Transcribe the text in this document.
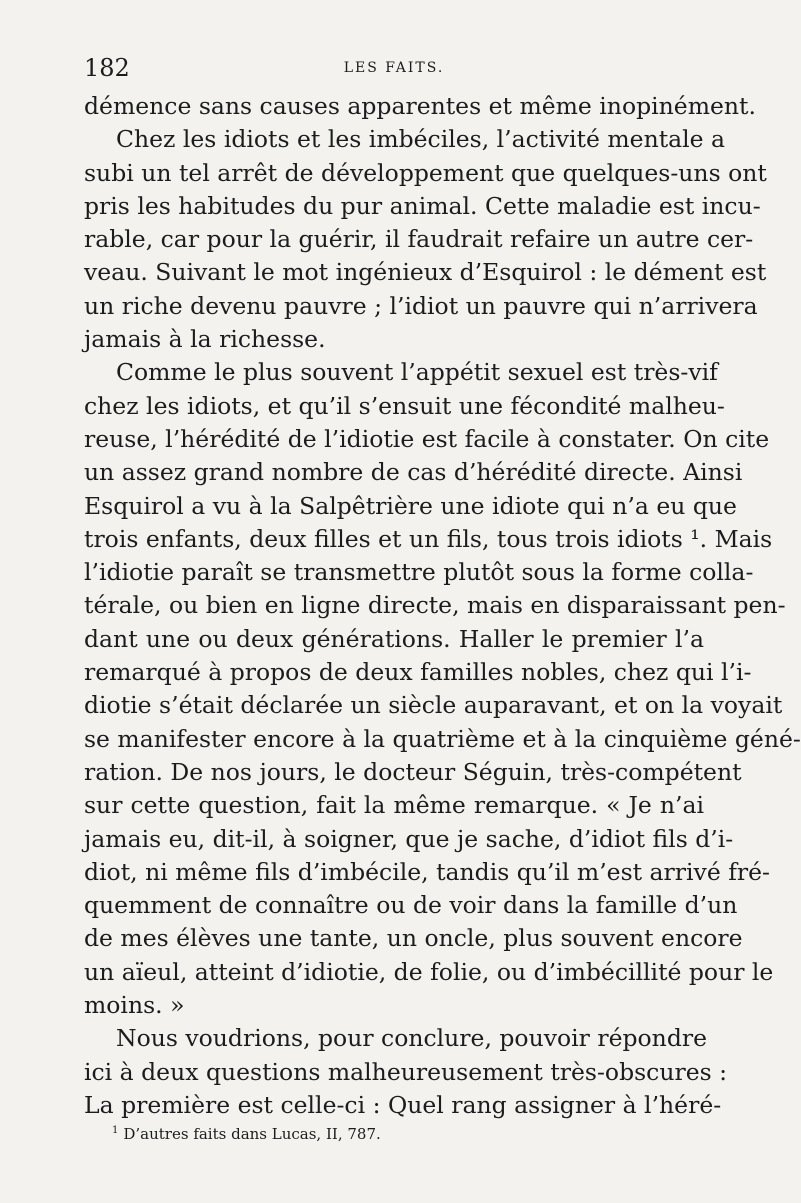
182	LES FAITS.
démence sans causes apparentes et même inopinément.
Chez les idiots et les imbéciles, l’activité mentale a
subi un tel arrêt de développement que quelques-uns ont
pris les habitudes du pur animal. Cette maladie est incu-
rable, car pour la guérir, il faudrait refaire un autre cer-
veau. Suivant le mot ingénieux d’Esquirol : le dément est
un riche devenu pauvre ; l’idiot un pauvre qui n’arrivera
jamais à la richesse.
Comme le plus souvent l’appétit sexuel est très-vif
chez les idiots, et qu’il s’ensuit une fécondité malheu-
reuse, l’hérédité de l’idiotie est facile à constater. On cite
un assez grand nombre de cas d’hérédité directe. Ainsi
Esquirol a vu à la Salpêtrière une idiote qui n’a eu que
trois enfants, deux filles et un fils, tous trois idiots ¹. Mais
l’idiotie paraît se transmettre plutôt sous la forme colla-
térale, ou bien en ligne directe, mais en disparaissant pen-
dant une ou deux générations. Haller le premier l’a
remarqué à propos de deux familles nobles, chez qui l’i-
diotie s’était déclarée un siècle auparavant, et on la voyait
se manifester encore à la quatrième et à la cinquième géné-
ration. De nos jours, le docteur Séguin, très-compétent
sur cette question, fait la même remarque. « Je n’ai
jamais eu, dit-il, à soigner, que je sache, d’idiot fils d’i-
diot, ni même fils d’imbécile, tandis qu’il m’est arrivé fré-
quemment de connaître ou de voir dans la famille d’un
de mes élèves une tante, un oncle, plus souvent encore
un aïeul, atteint d’idiotie, de folie, ou d’imbécillité pour le
moins. »
Nous voudrions, pour conclure, pouvoir répondre
ici à deux questions malheureusement très-obscures :
La première est celle-ci : Quel rang assigner à l’héré-
$^1$ D’autres faits dans Lucas, II, 787.
